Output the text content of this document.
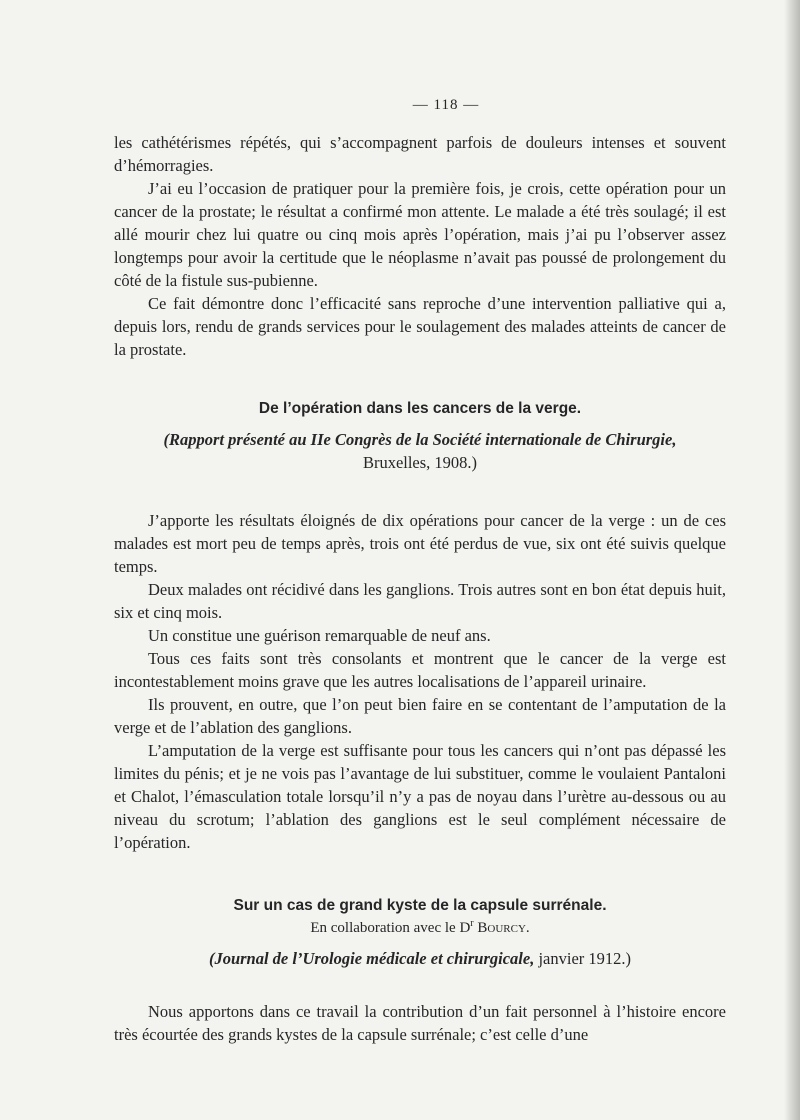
— 118 —

les cathétérismes répétés, qui s’accompagnent parfois de douleurs intenses et souvent d’hémorragies.

J’ai eu l’occasion de pratiquer pour la première fois, je crois, cette opération pour un cancer de la prostate; le résultat a confirmé mon attente. Le malade a été très soulagé; il est allé mourir chez lui quatre ou cinq mois après l’opération, mais j’ai pu l’observer assez longtemps pour avoir la certitude que le néoplasme n’avait pas poussé de prolongement du côté de la fistule sus-pubienne.

Ce fait démontre donc l’efficacité sans reproche d’une intervention palliative qui a, depuis lors, rendu de grands services pour le soulagement des malades atteints de cancer de la prostate.

De l’opération dans les cancers de la verge.
(Rapport présenté au IIe Congrès de la Société internationale de Chirurgie,
Bruxelles, 1908.)

J’apporte les résultats éloignés de dix opérations pour cancer de la verge : un de ces malades est mort peu de temps après, trois ont été perdus de vue, six ont été suivis quelque temps.

Deux malades ont récidivé dans les ganglions. Trois autres sont en bon état depuis huit, six et cinq mois.

Un constitue une guérison remarquable de neuf ans.

Tous ces faits sont très consolants et montrent que le cancer de la verge est incontestablement moins grave que les autres localisations de l’appareil urinaire.

Ils prouvent, en outre, que l’on peut bien faire en se contentant de l’amputation de la verge et de l’ablation des ganglions.

L’amputation de la verge est suffisante pour tous les cancers qui n’ont pas dépassé les limites du pénis; et je ne vois pas l’avantage de lui substituer, comme le voulaient Pantaloni et Chalot, l’émasculation totale lorsqu’il n’y a pas de noyau dans l’urètre au-dessous ou au niveau du scrotum; l’ablation des ganglions est le seul complément nécessaire de l’opération.

Sur un cas de grand kyste de la capsule surrénale.
En collaboration avec le $D^r$ Bourcy.
(Journal de l’Urologie médicale et chirurgicale, janvier 1912.)

Nous apportons dans ce travail la contribution d’un fait personnel à l’histoire encore très écourtée des grands kystes de la capsule surrénale; c’est celle d’une
